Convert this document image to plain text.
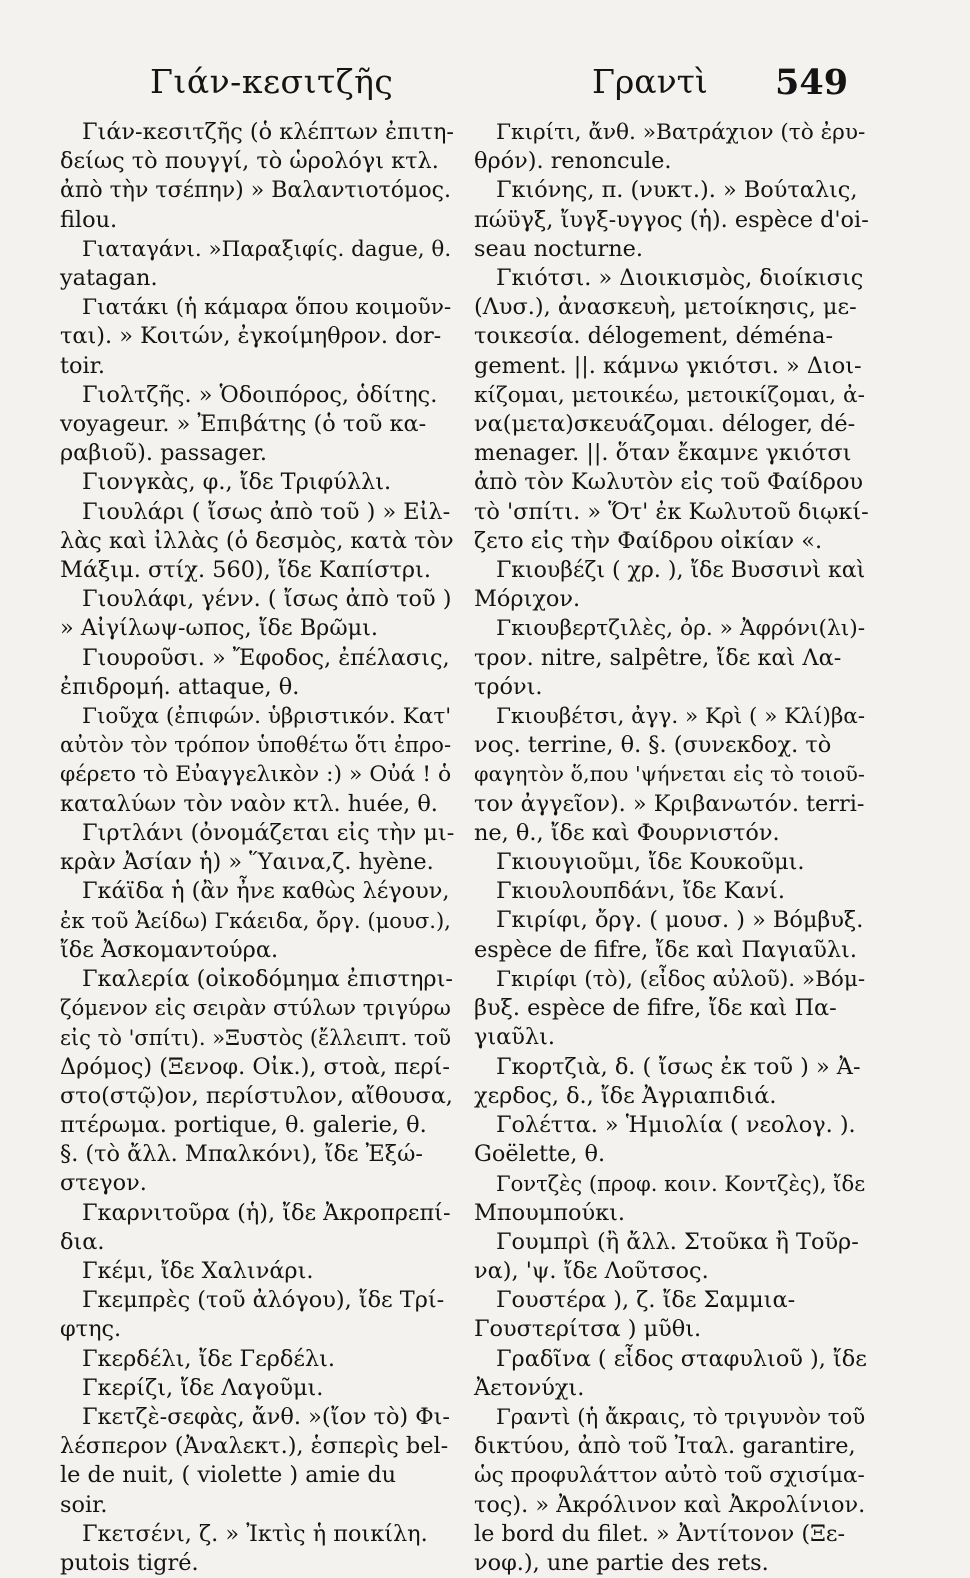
Γιάν-κεσιτζῆς	Γραντὶ 549

Γιάν-κεσιτζῆς (ὁ κλέπτων ἐπιτη-

δείως τὸ πουγγί, τὸ ὡρολόγι κτλ.

ἀπὸ τὴν τσέπην) » Βαλαντιοτόμος.

filou.

Γιαταγάνι. »Παραξιφίς. dague, θ.

yatagan.

Γιατάκι (ἡ κάμαρα ὅπου κοιμοῦν-

ται). » Κοιτών, ἐγκοίμηθρον. dor-

toir.

Γιολτζῆς. » Ὁδοιπόρος, ὁδίτης.

voyageur. » Ἐπιβάτης (ὁ τοῦ κα-

ραβιοῦ). passager.

Γιονγκὰς, φ., ἴδε Τριφύλλι.

Γιουλάρι ( ἴσως ἀπὸ τοῦ ) » Εἰλ-

λὰς καὶ ἰλλὰς (ὁ δεσμὸς, κατὰ τὸν

Μάξιμ. στίχ. 560), ἴδε Καπίστρι.

Γιουλάφι, γένν. ( ἴσως ἀπὸ τοῦ )

» Αἰγίλωψ-ωπος, ἴδε Βρῶμι.

Γιουροῦσι. » Ἔφοδος, ἐπέλασις,

ἐπιδρομή. attaque, θ.

Γιοῦχα (ἐπιφών. ὑβριστικόν. Κατ'

αὐτὸν τὸν τρόπον ὑποθέτω ὅτι ἐπρο-

φέρετο τὸ Εὐαγγελικὸν :) » Οὐά ! ὁ

καταλύων τὸν ναὸν κτλ. huée, θ.

Γιρτλάνι (ὀνομάζεται εἰς τὴν μι-

κρὰν Ἀσίαν ἡ) » Ὕαινα,ζ. hyène.

Γκάϊδα ἡ (ἂν ἦνε καθὼς λέγουν,

ἐκ τοῦ Ἀείδω) Γκάειδα, ὄργ. (μουσ.),

ἴδε Ἀσκομαντούρα.

Γκαλερία (οἰκοδόμημα ἐπιστηρι-

ζόμενον εἰς σειρὰν στύλων τριγύρω

εἰς τὸ 'σπίτι). »Ξυστὸς (ἔλλειπτ. τοῦ

Δρόμος) (Ξενοφ. Οἰκ.), στοὰ, περί-

στο(στῷ)ον, περίστυλον, αἴθουσα,

πτέρωμα. portique, θ. galerie, θ.

§. (τὸ ἄλλ. Μπαλκόνι), ἴδε Ἐξώ-

στεγον.

Γκαρνιτοῦρα (ἡ), ἴδε Ἀκροπρεπί-

δια.

Γκέμι, ἴδε Χαλινάρι.

Γκεμπρὲς (τοῦ ἀλόγου), ἴδε Τρί-

φτης.

Γκερδέλι, ἴδε Γερδέλι.

Γκερίζι, ἴδε Λαγοῦμι.

Γκετζὲ-σεφὰς, ἄνθ. »(ἴον τὸ) Φι-

λέσπερον (Ἀναλεκτ.), ἑσπερὶς bel-

le de nuit, ( violette ) amie du

soir.

Γκετσένι, ζ. » Ἰκτὶς ἡ ποικίλη.

putois tigré.

Γκιρίτι, ἄνθ. »Βατράχιον (τὸ ἐρυ-

θρόν). renoncule.

Γκιόνης, π. (νυκτ.). » Βούταλις,

πώϋγξ, ἴυγξ-υγγος (ἡ). espèce d'oi-

seau nocturne.

Γκιότσι. » Διοικισμὸς, διοίκισις

(Λυσ.), ἀνασκευὴ, μετοίκησις, με-

τοικεσία. délogement, déména-

gement. ||. κάμνω γκιότσι. » Διοι-

κίζομαι, μετοικέω, μετοικίζομαι, ἀ-

να(μετα)σκευάζομαι. déloger, dé-

menager. ||. ὅταν ἔκαμνε γκιότσι

ἀπὸ τὸν Κωλυτὸν εἰς τοῦ Φαίδρου

τὸ 'σπίτι. » Ὅτ' ἐκ Κωλυτοῦ διῳκί-

ζετο εἰς τὴν Φαίδρου οἰκίαν «.

Γκιουβέζι ( χρ. ), ἴδε Βυσσινὶ καὶ

Μόριχον.

Γκιουβερτζιλὲς, ὀρ. » Ἀφρόνι(λι)-

τρον. nitre, salpêtre, ἴδε καὶ Λα-

τρόνι.

Γκιουβέτσι, ἀγγ. » Κρὶ ( » Κλί)βα-

νος. terrine, θ. §. (συνεκδοχ. τὸ

φαγητὸν ὅ,που 'ψήνεται εἰς τὸ τοιοῦ-

τον ἀγγεῖον). » Κριβανωτόν. terri-

ne, θ., ἴδε καὶ Φουρνιστόν.

Γκιουγιοῦμι, ἴδε Κουκοῦμι.

Γκιουλουπδάνι, ἴδε Κανί.

Γκιρίφι, ὄργ. ( μουσ. ) » Βόμβυξ.

espèce de fifre, ἴδε καὶ Παγιαῦλι.

Γκιρίφι (τὸ), (εἶδος αὐλοῦ). »Βόμ-

βυξ. espèce de fifre, ἴδε καὶ Πα-

γιαῦλι.

Γκορτζιὰ, δ. ( ἴσως ἐκ τοῦ ) » Ἀ-

χερδος, δ., ἴδε Ἀγριαπιδιά.

Γολέττα. » Ἡμιολία ( νεολογ. ).

Goëlette, θ.

Γοντζὲς (προφ. κοιν. Κοντζὲς), ἴδε

Μπουμπούκι.

Γουμπρὶ (ἢ ἄλλ. Στοῦκα ἢ Τοῦρ-

να), 'ψ. ἴδε Λοῦτσος.

Γουστέρα ), ζ. ἴδε Σαμμια-

Γουστερίτσα ) μῦθι.

Γραδῖνα ( εἶδος σταφυλιοῦ ), ἴδε

Ἀετονύχι.

Γραντὶ (ἡ ἄκραις, τὸ τριγυνὸν τοῦ

δικτύου, ἀπὸ τοῦ Ἰταλ. garantire,

ὡς προφυλάττον αὐτὸ τοῦ σχισίμα-

τος). » Ἀκρόλινον καὶ Ἀκρολίνιον.

le bord du filet. » Ἀντίτονον (Ξε-

νοφ.), une partie des rets.
